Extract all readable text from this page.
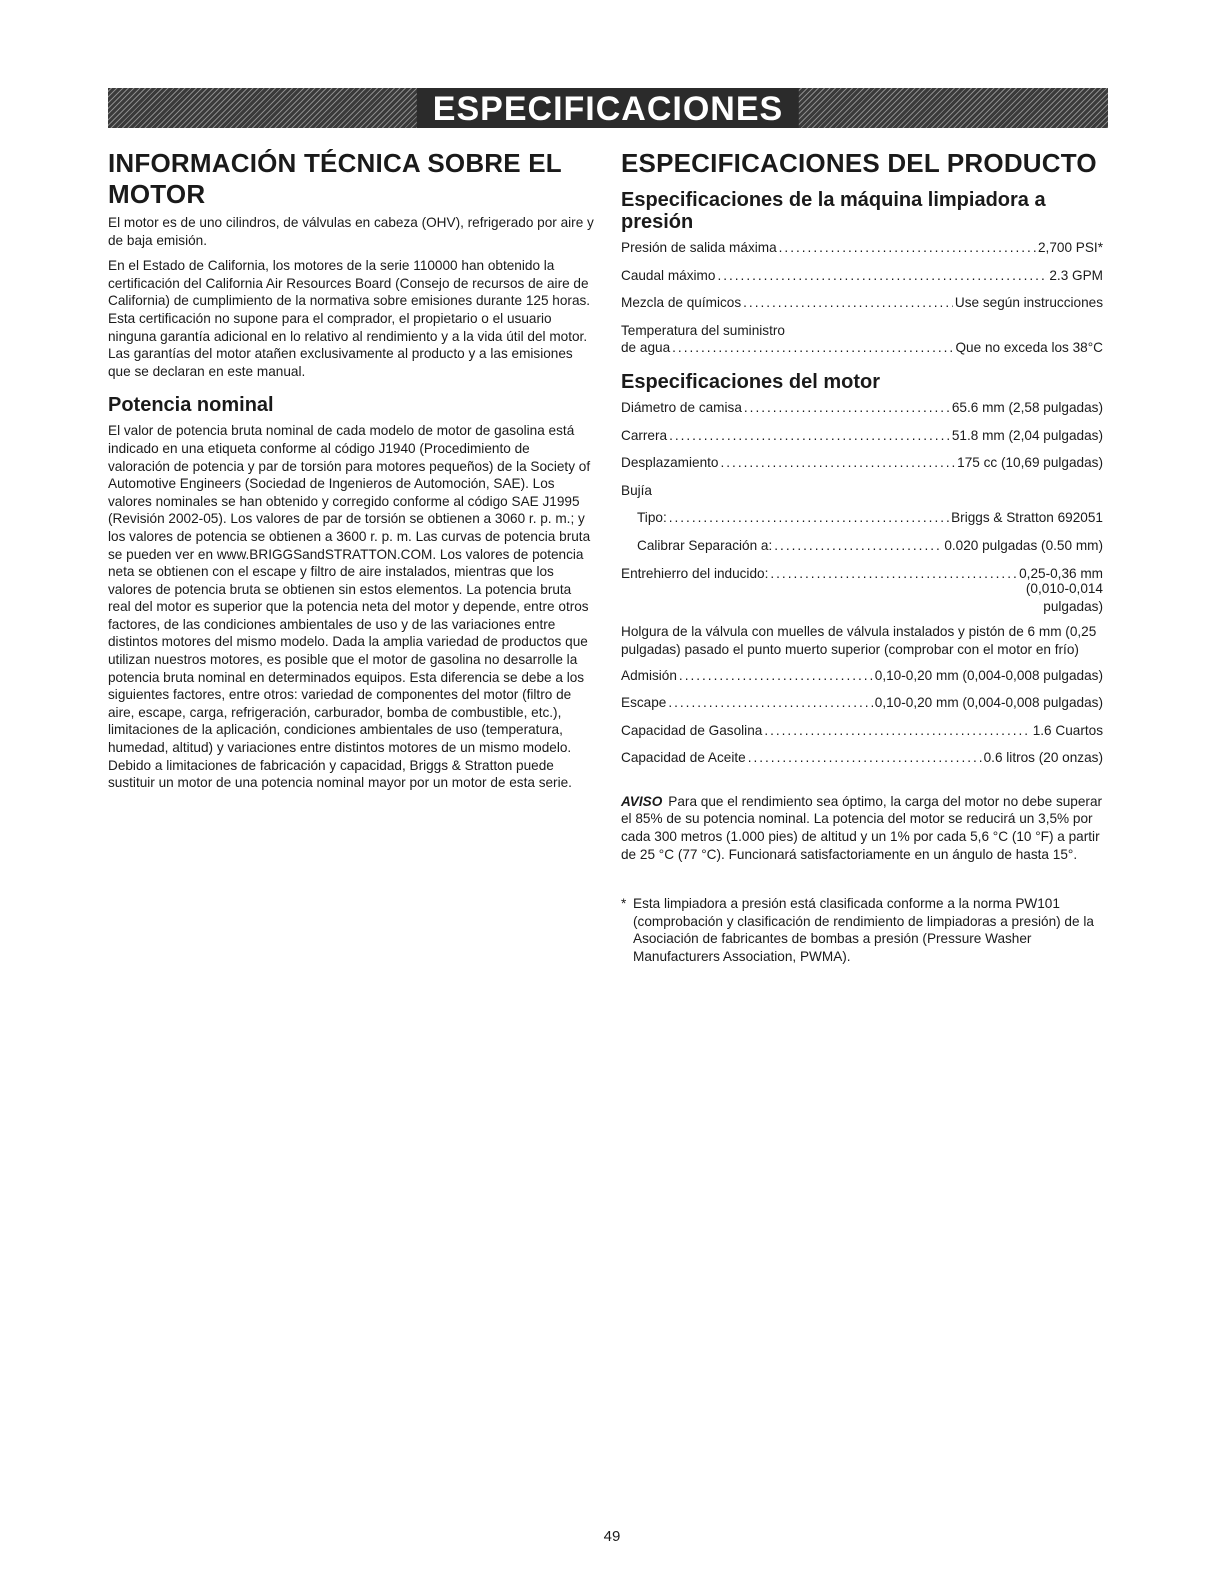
ESPECIFICACIONES
INFORMACIÓN TÉCNICA SOBRE EL MOTOR

El motor es de uno cilindros, de válvulas en cabeza (OHV), refrigerado por aire y de baja emisión.

En el Estado de California, los motores de la serie 110000 han obtenido la certificación del California Air Resources Board (Consejo de recursos de aire de California) de cumplimiento de la normativa sobre emisiones durante 125 horas. Esta certificación no supone para el comprador, el propietario o el usuario ninguna garantía adicional en lo relativo al rendimiento y a la vida útil del motor. Las garantías del motor atañen exclusivamente al producto y a las emisiones que se declaran en este manual.

Potencia nominal

El valor de potencia bruta nominal de cada modelo de motor de gasolina está indicado en una etiqueta conforme al código J1940 (Procedimiento de valoración de potencia y par de torsión para motores pequeños) de la Society of Automotive Engineers (Sociedad de Ingenieros de Automoción, SAE). Los valores nominales se han obtenido y corregido conforme al código SAE J1995 (Revisión 2002-05). Los valores de par de torsión se obtienen a 3060 r. p. m.; y los valores de potencia se obtienen a 3600 r. p. m. Las curvas de potencia bruta se pueden ver en www.BRIGGSandSTRATTON.COM. Los valores de potencia neta se obtienen con el escape y filtro de aire instalados, mientras que los valores de potencia bruta se obtienen sin estos elementos. La potencia bruta real del motor es superior que la potencia neta del motor y depende, entre otros factores, de las condiciones ambientales de uso y de las variaciones entre distintos motores del mismo modelo. Dada la amplia variedad de productos que utilizan nuestros motores, es posible que el motor de gasolina no desarrolle la potencia bruta nominal en determinados equipos. Esta diferencia se debe a los siguientes factores, entre otros: variedad de componentes del motor (filtro de aire, escape, carga, refrigeración, carburador, bomba de combustible, etc.), limitaciones de la aplicación, condiciones ambientales de uso (temperatura, humedad, altitud) y variaciones entre distintos motores de un mismo modelo. Debido a limitaciones de fabricación y capacidad, Briggs & Stratton puede sustituir un motor de una potencia nominal mayor por un motor de esta serie.

ESPECIFICACIONES DEL PRODUCTO
Especificaciones de la máquina limpiadora a presión
Presión de salida máxima .....	2,700 PSI*
Caudal máximo .....	2.3 GPM
Mezcla de químicos .....	Use según instrucciones
Temperatura del suministro
de agua .....	Que no exceda los 38°C
Especificaciones del motor
Diámetro de camisa .....	65.6 mm (2,58 pulgadas)
Carrera .....	51.8 mm (2,04 pulgadas)
Desplazamiento .....	175 cc (10,69 pulgadas)
Bujía
Tipo: .....	Briggs & Stratton 692051
Calibrar Separación a: .....	0.020 pulgadas (0.50 mm)
Entrehierro del inducido: .....	0,25-0,36 mm
(0,010-0,014
pulgadas)

Holgura de la válvula con muelles de válvula instalados y pistón de 6 mm (0,25 pulgadas) pasado el punto muerto superior (comprobar con el motor en frío)

Admisión .....	0,10-0,20 mm (0,004-0,008 pulgadas)
Escape .....	0,10-0,20 mm (0,004-0,008 pulgadas)
Capacidad de Gasolina .....	1.6 Cuartos
Capacidad de Aceite .....	0.6 litros (20 onzas)
AVISO Para que el rendimiento sea óptimo, la carga del motor no debe superar el 85% de su potencia nominal. La potencia del motor se reducirá un 3,5% por cada 300 metros (1.000 pies) de altitud y un 1% por cada 5,6 °C (10 °F) a partir de 25 °C (77 °C). Funcionará satisfactoriamente en un ángulo de hasta 15°.
* Esta limpiadora a presión está clasificada conforme a la norma PW101 (comprobación y clasificación de rendimiento de limpiadoras a presión) de la Asociación de fabricantes de bombas a presión (Pressure Washer Manufacturers Association, PWMA).
49
